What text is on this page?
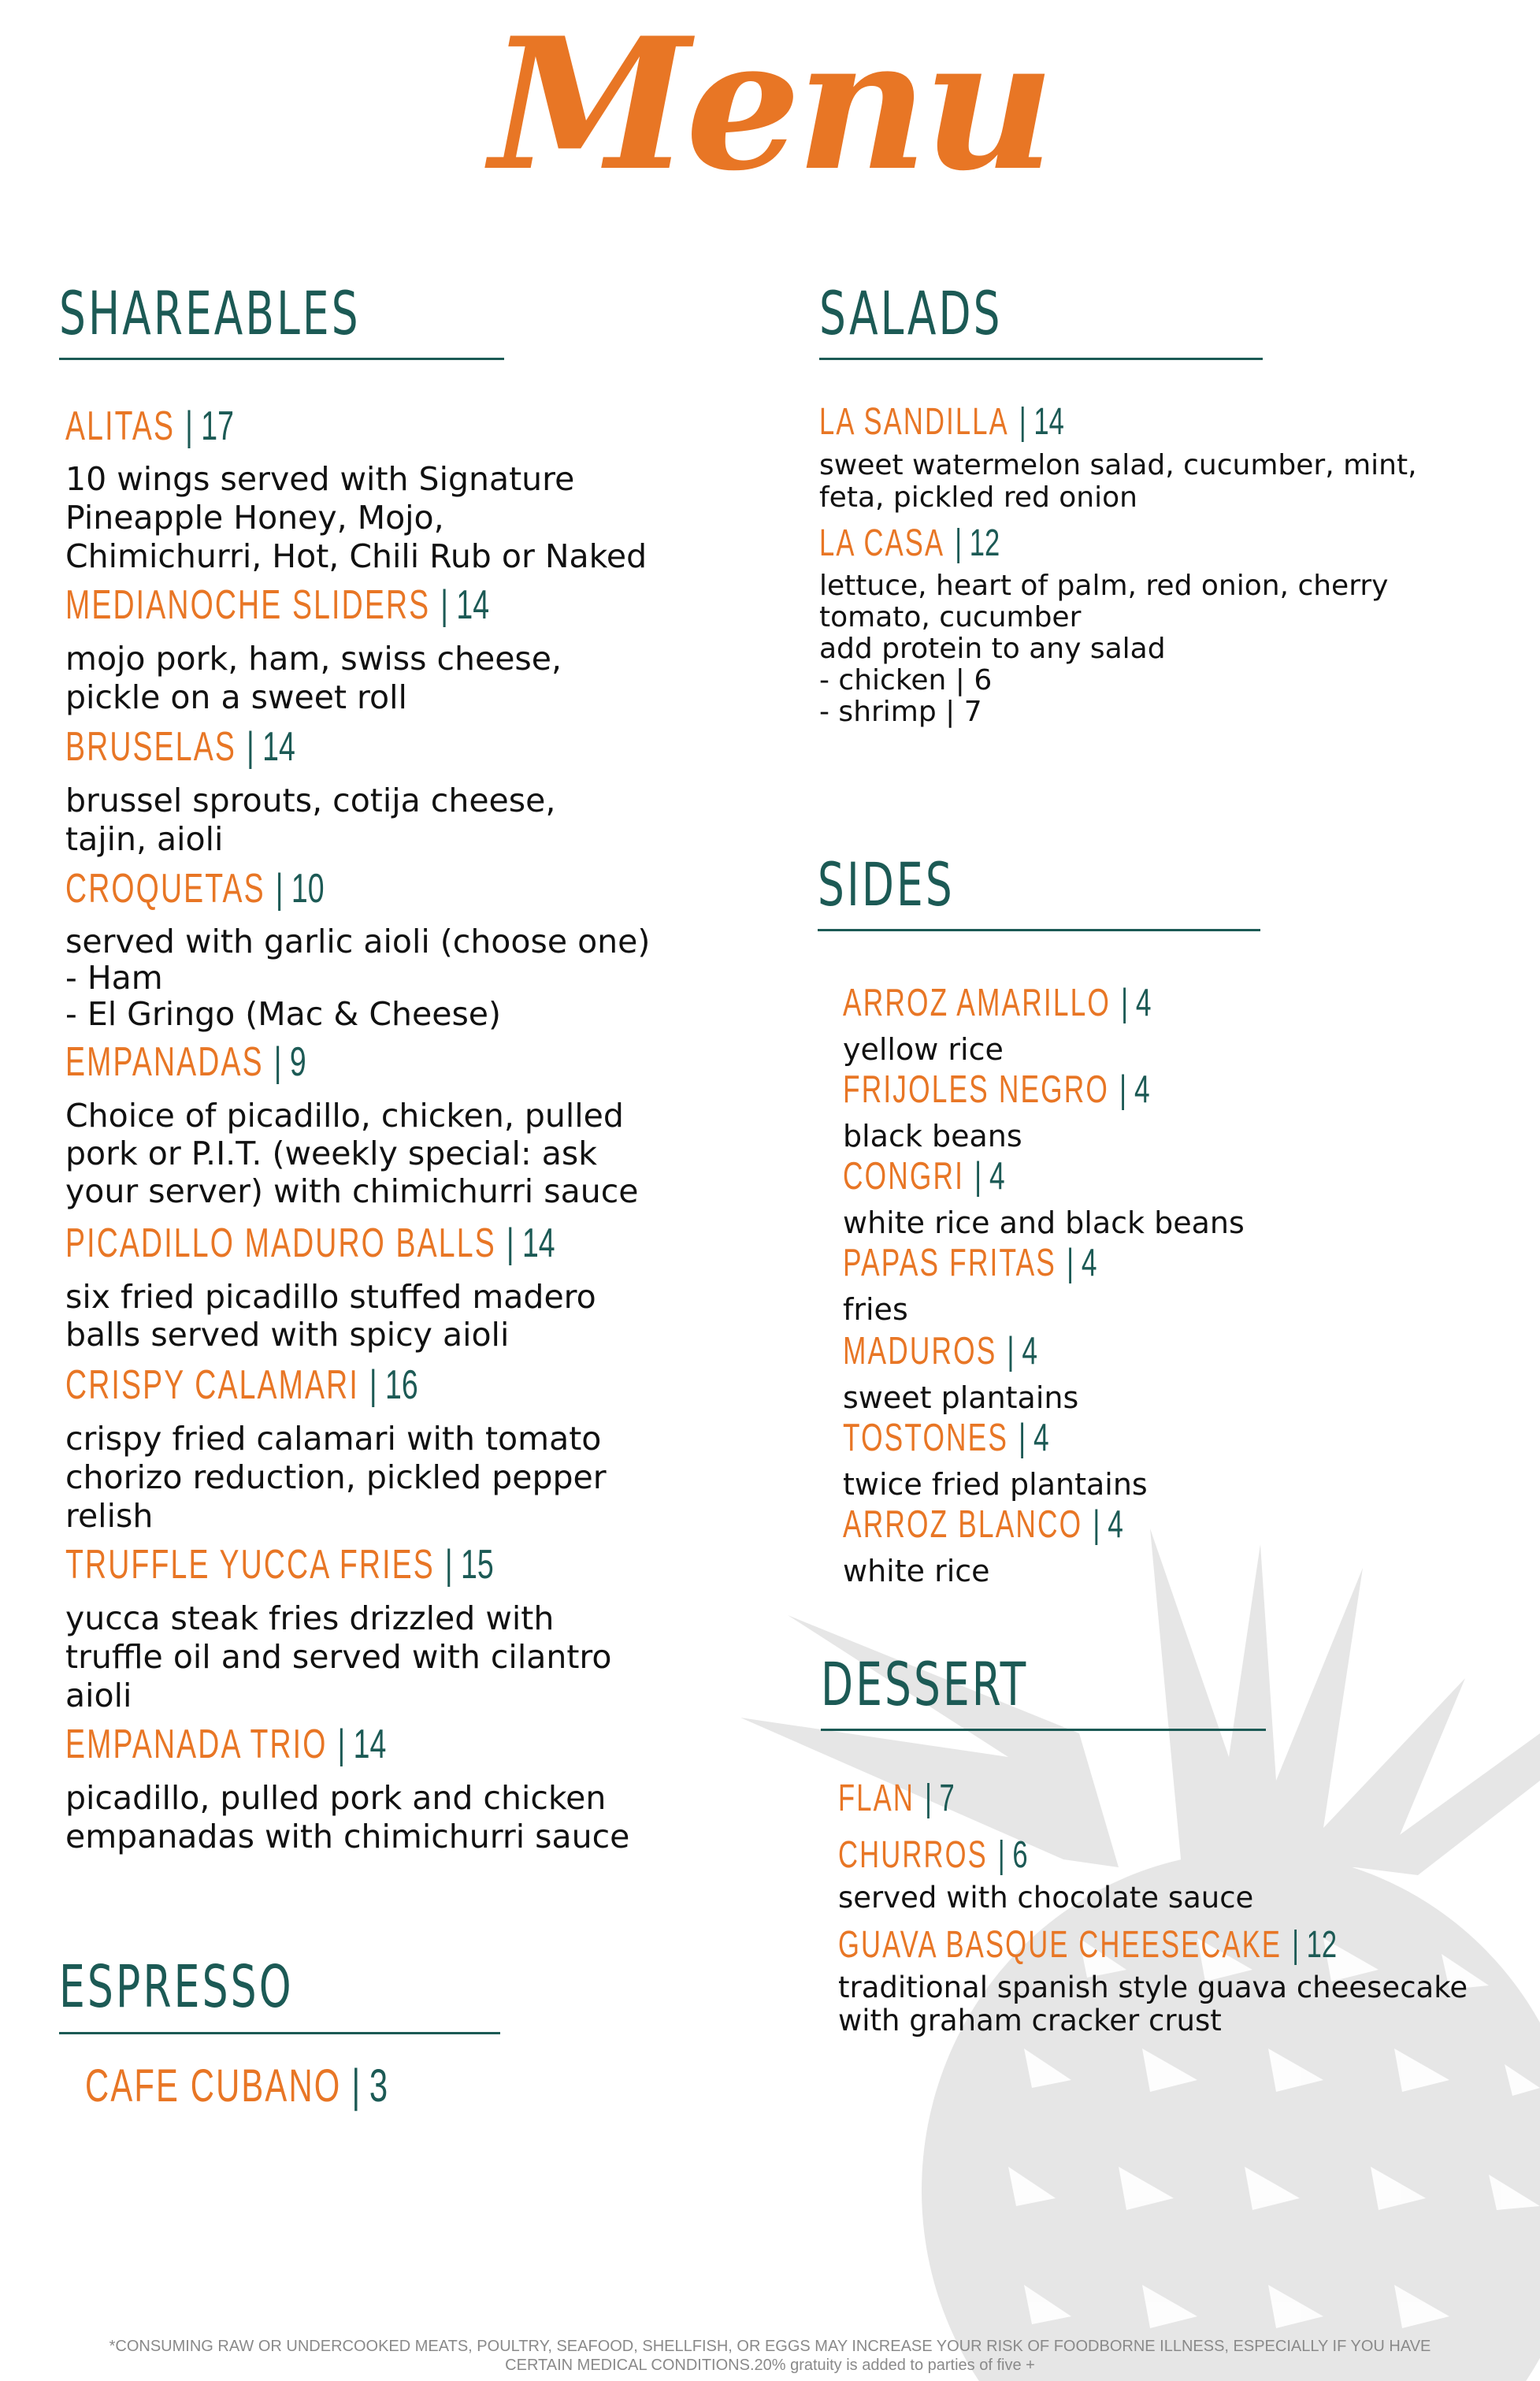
Menu
SHAREABLES
ALITAS | 17

10 wings served with Signature
Pineapple Honey, Mojo,
Chimichurri, Hot, Chili Rub or Naked

MEDIANOCHE SLIDERS | 14

mojo pork, ham, swiss cheese,
pickle on a sweet roll

BRUSELAS | 14

brussel sprouts, cotija cheese,
tajin, aioli

CROQUETAS | 10

served with garlic aioli (choose one)
- Ham
- El Gringo (Mac & Cheese)

EMPANADAS | 9

Choice of picadillo, chicken, pulled
pork or P.I.T. (weekly special: ask
your server) with chimichurri sauce

PICADILLO MADURO BALLS | 14

six fried picadillo stuffed madero
balls served with spicy aioli

CRISPY CALAMARI | 16

crispy fried calamari with tomato
chorizo reduction, pickled pepper
relish

TRUFFLE YUCCA FRIES | 15

yucca steak fries drizzled with
truffle oil and served with cilantro
aioli

EMPANADA TRIO | 14

picadillo, pulled pork and chicken
empanadas with chimichurri sauce

ESPRESSO
CAFE CUBANO | 3
SALADS
LA SANDILLA | 14

sweet watermelon salad, cucumber, mint,
feta, pickled red onion

LA CASA | 12

lettuce, heart of palm, red onion, cherry
tomato, cucumber
add protein to any salad
- chicken | 6
- shrimp | 7

SIDES
ARROZ AMARILLO | 4

yellow rice

FRIJOLES NEGRO | 4

black beans

CONGRI | 4

white rice and black beans

PAPAS FRITAS | 4

fries

MADUROS | 4

sweet plantains

TOSTONES | 4

twice fried plantains

ARROZ BLANCO | 4

white rice

DESSERT
FLAN | 7
CHURROS | 6

served with chocolate sauce

GUAVA BASQUE CHEESECAKE | 12

traditional spanish style guava cheesecake
with graham cracker crust

*CONSUMING RAW OR UNDERCOOKED MEATS, POULTRY, SEAFOOD, SHELLFISH, OR EGGS MAY INCREASE YOUR RISK OF FOODBORNE ILLNESS, ESPECIALLY IF YOU HAVE
CERTAIN MEDICAL CONDITIONS.20% gratuity is added to parties of five +
